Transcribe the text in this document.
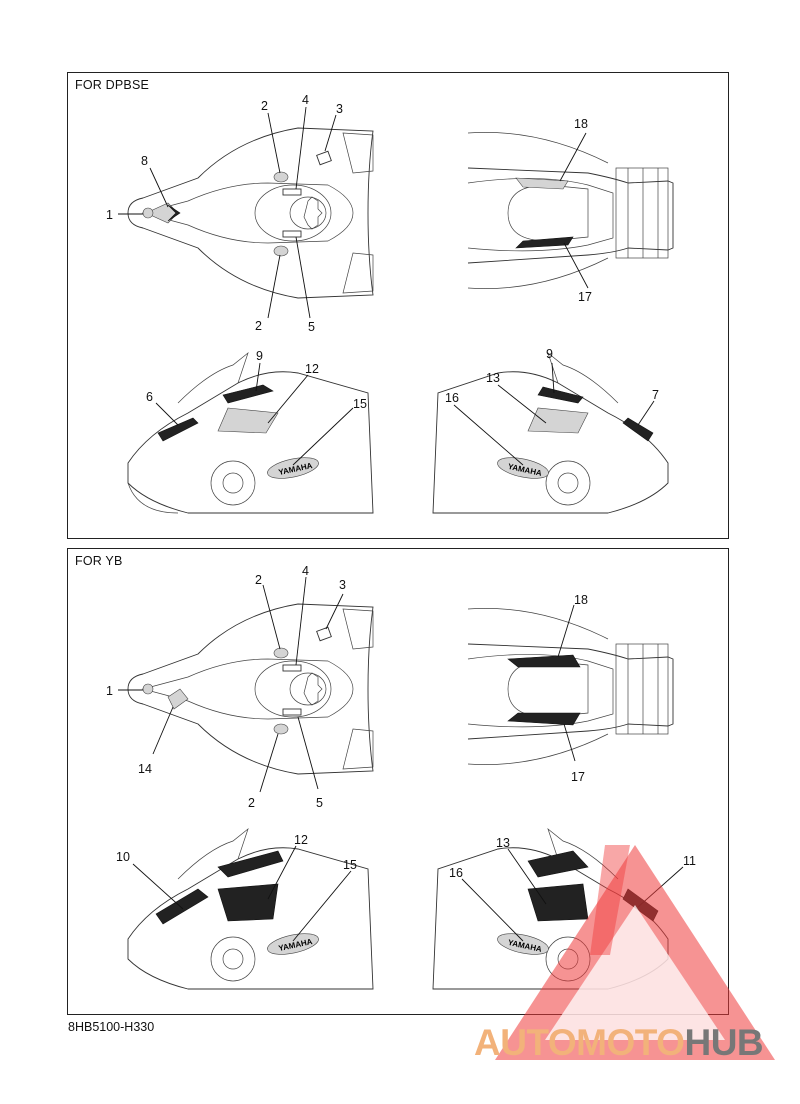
FOR DPBSE
YAMAHA	YAMAHA
1
2
2
3
4
5
6	7
8
9	9
12
13
15	16
17
18
FOR YB
YAMAHA	YAMAHA
1
2
2
3
4
5
10	11
12	13
14
15
16
17
18
8HB5100-H330	AUTOMOTOHUB
